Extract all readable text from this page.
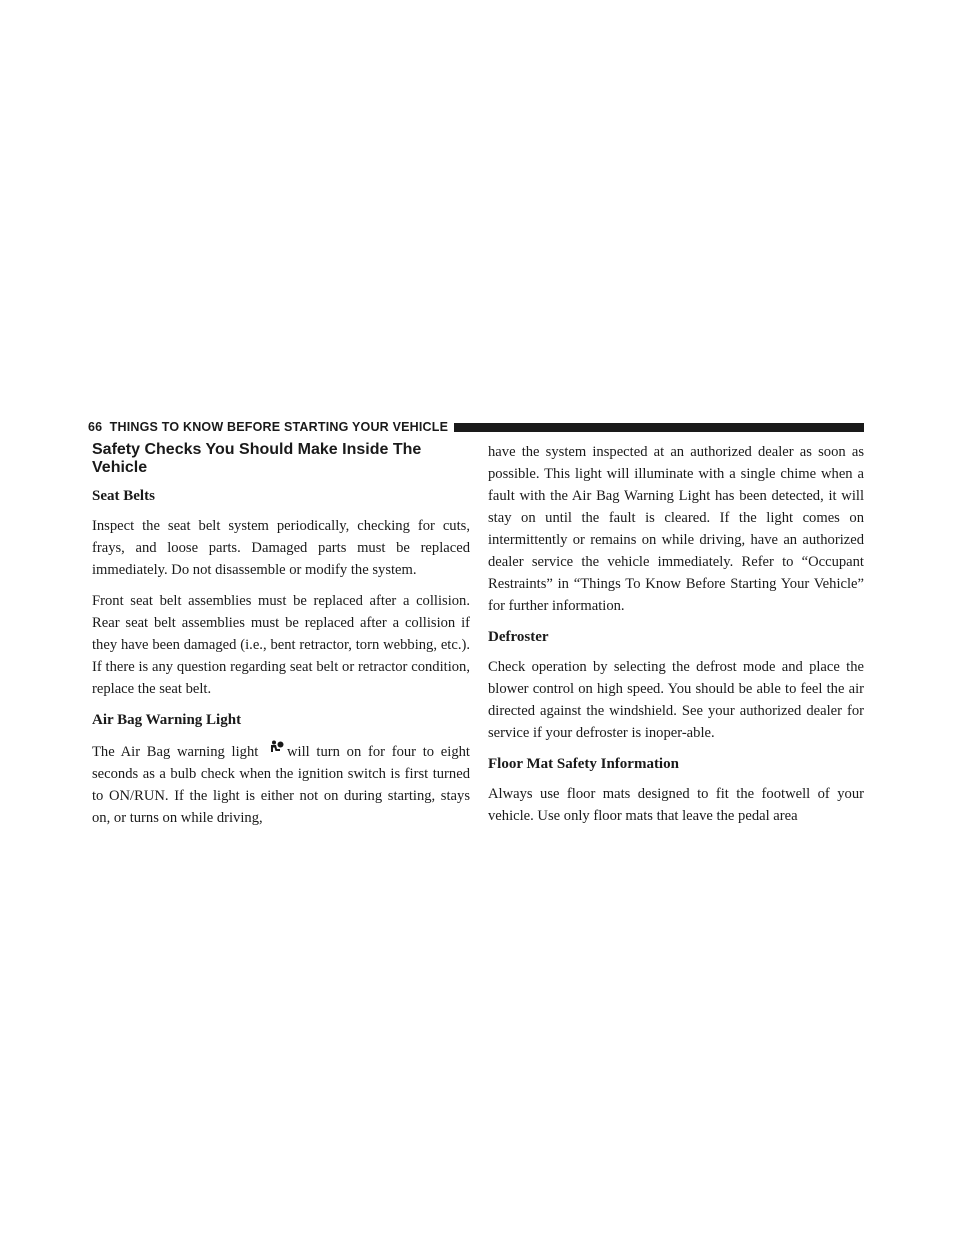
66 THINGS TO KNOW BEFORE STARTING YOUR VEHICLE
Safety Checks You Should Make Inside The Vehicle
Seat Belts

Inspect the seat belt system periodically, checking for cuts, frays, and loose parts. Damaged parts must be replaced immediately. Do not disassemble or modify the system.

Front seat belt assemblies must be replaced after a collision. Rear seat belt assemblies must be replaced after a collision if they have been damaged (i.e., bent retractor, torn webbing, etc.). If there is any question regarding seat belt or retractor condition, replace the seat belt.

Air Bag Warning Light

The Air Bag warning light will turn on for four to eight seconds as a bulb check when the ignition switch is first turned to ON/RUN. If the light is either not on during starting, stays on, or turns on while driving,

have the system inspected at an authorized dealer as soon as possible. This light will illuminate with a single chime when a fault with the Air Bag Warning Light has been detected, it will stay on until the fault is cleared. If the light comes on intermittently or remains on while driving, have an authorized dealer service the vehicle immediately. Refer to “Occupant Restraints” in “Things To Know Before Starting Your Vehicle” for further information.

Defroster

Check operation by selecting the defrost mode and place the blower control on high speed. You should be able to feel the air directed against the windshield. See your authorized dealer for service if your defroster is inoper-able.

Floor Mat Safety Information

Always use floor mats designed to fit the footwell of your vehicle. Use only floor mats that leave the pedal area
